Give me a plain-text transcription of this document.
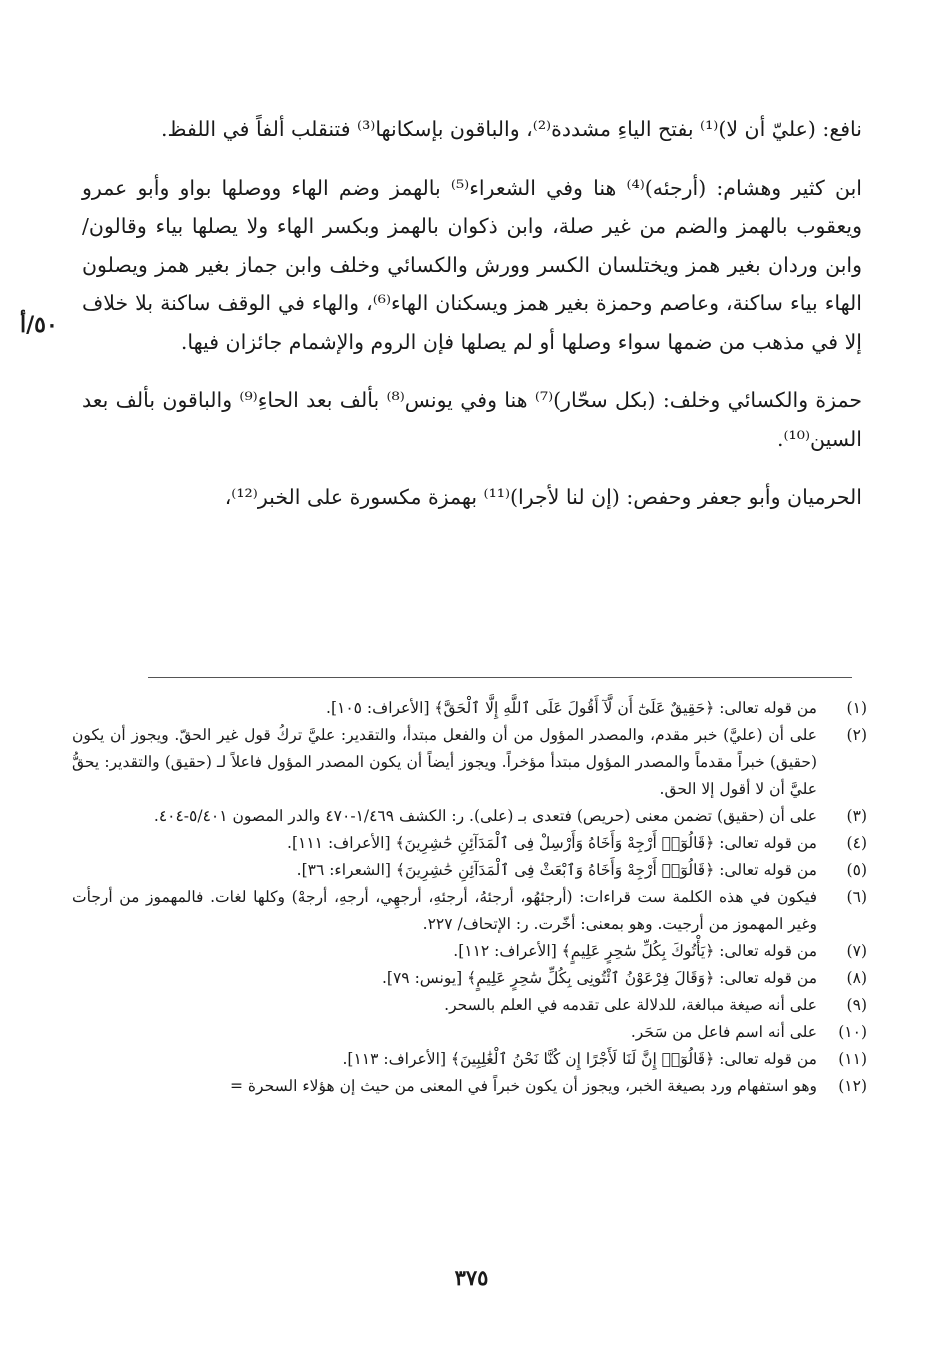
نافع: (عليّ أن لا)⁽¹⁾ بفتح الياءِ مشددة⁽²⁾، والباقون بإسكانها⁽³⁾ فتنقلب ألفاً في اللفظ.

ابن كثير وهشام: (أرجئه)⁽⁴⁾ هنا وفي الشعراء⁽⁵⁾ بالهمز وضم الهاء ووصلها بواو وأبو عمرو ويعقوب بالهمز والضم من غير صلة، وابن ذكوان بالهمز وبكسر الهاء ولا يصلها بياء وقالون/ وابن وردان بغير همز ويختلسان الكسر وورش والكسائي وخلف وابن جماز بغير همز ويصلون الهاء بياء ساكنة، وعاصم وحمزة بغير همز ويسكنان الهاء⁽⁶⁾، والهاء في الوقف ساكنة بلا خلاف إلا في مذهب من ضمها سواء وصلها أو لم يصلها فإن الروم والإشمام جائزان فيها.

حمزة والكسائي وخلف: (بكل سحّار)⁽⁷⁾ هنا وفي يونس⁽⁸⁾ بألف بعد الحاءِ⁽⁹⁾ والباقون بألف بعد السين⁽¹⁰⁾.

الحرميان وأبو جعفر وحفص: (إن لنا لأجرا)⁽¹¹⁾ بهمزة مكسورة على الخبر⁽¹²⁾،

٥٠/أ
(١)
من قوله تعالى: ﴿حَقِيقٌ عَلَىٰٓ أَن لَّآ أَقُولَ عَلَى ٱللَّهِ إِلَّا ٱلْحَقَّ﴾ [الأعراف: ١٠٥].
(٢)
على أن (عليَّ) خبر مقدم، والمصدر المؤول من أن والفعل مبتدأ، والتقدير: عليَّ تركُ قول غير الحقّ. ويجوز أن يكون (حقيق) خبراً مقدماً والمصدر المؤول مبتدأ مؤخراً. ويجوز أيضاً أن يكون المصدر المؤول فاعلاً لـ (حقيق) والتقدير: يحقُّ عليَّ أن لا أقول إلا الحق.
(٣)
على أن (حقيق) تضمن معنى (حريص) فتعدى بـ (على). ر: الكشف ١/٤٦٩-٤٧٠ والدر المصون ٥/٤٠١-٤٠٤.
(٤)
من قوله تعالى: ﴿قَالُوٓا۟ أَرْجِهْ وَأَخَاهُ وَأَرْسِلْ فِى ٱلْمَدَآئِنِ حَٰشِرِينَ﴾ [الأعراف: ١١١].
(٥)
من قوله تعالى: ﴿قَالُوٓا۟ أَرْجِهْ وَأَخَاهُ وَٱبْعَثْ فِى ٱلْمَدَآئِنِ حَٰشِرِينَ﴾ [الشعراء: ٣٦].
(٦)
فيكون في هذه الكلمة ست قراءات: (أرجئهُو، أرجئهُ، أرجئهِ، أرجهِي، أرجهِ، أرجهْ) وكلها لغات. فالمهموز من أرجأت وغير المهموز من أرجيت. وهو بمعنى: أخّرت. ر: الإتحاف/ ٢٢٧.
(٧)
من قوله تعالى: ﴿يَأْتُوكَ بِكُلِّ سَٰحِرٍ عَلِيمٍ﴾ [الأعراف: ١١٢].
(٨)
من قوله تعالى: ﴿وَقَالَ فِرْعَوْنُ ٱئْتُونِى بِكُلِّ سَٰحِرٍ عَلِيمٍ﴾ [يونس: ٧٩].
(٩)
على أنه صيغة مبالغة، للدلالة على تقدمه في العلم بالسحر.
(١٠)
على أنه اسم فاعل من سَحَر.
(١١)
من قوله تعالى: ﴿قَالُوٓا۟ إِنَّ لَنَا لَأَجْرًا إِن كُنَّا نَحْنُ ٱلْغَٰلِبِينَ﴾ [الأعراف: ١١٣].
(١٢)
وهو استفهام ورد بصيغة الخبر، ويجوز أن يكون خبراً في المعنى من حيث إن هؤلاء السحرة =
٣٧٥
